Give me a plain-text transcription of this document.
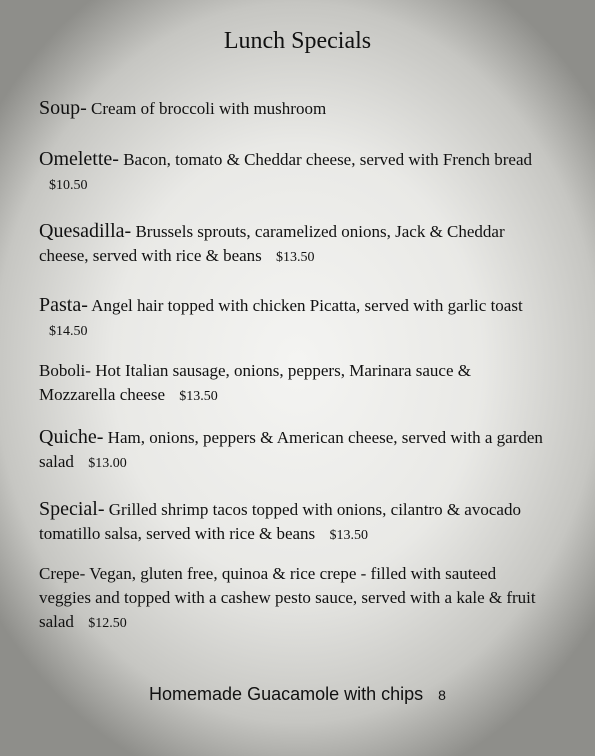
Lunch Specials
Soup- Cream of broccoli with mushroom
Omelette- Bacon, tomato & Cheddar cheese, served with French bread $10.50
Quesadilla- Brussels sprouts, caramelized onions, Jack & Cheddar cheese, served with rice & beans $13.50
Pasta- Angel hair topped with chicken Picatta, served with garlic toast $14.50
Boboli- Hot Italian sausage, onions, peppers, Marinara sauce & Mozzarella cheese $13.50
Quiche- Ham, onions, peppers & American cheese, served with a garden salad $13.00
Special- Grilled shrimp tacos topped with onions, cilantro & avocado tomatillo salsa, served with rice & beans $13.50
Crepe- Vegan, gluten free, quinoa & rice crepe - filled with sauteed veggies and topped with a cashew pesto sauce, served with a kale & fruit salad $12.50
Homemade Guacamole with chips 8
